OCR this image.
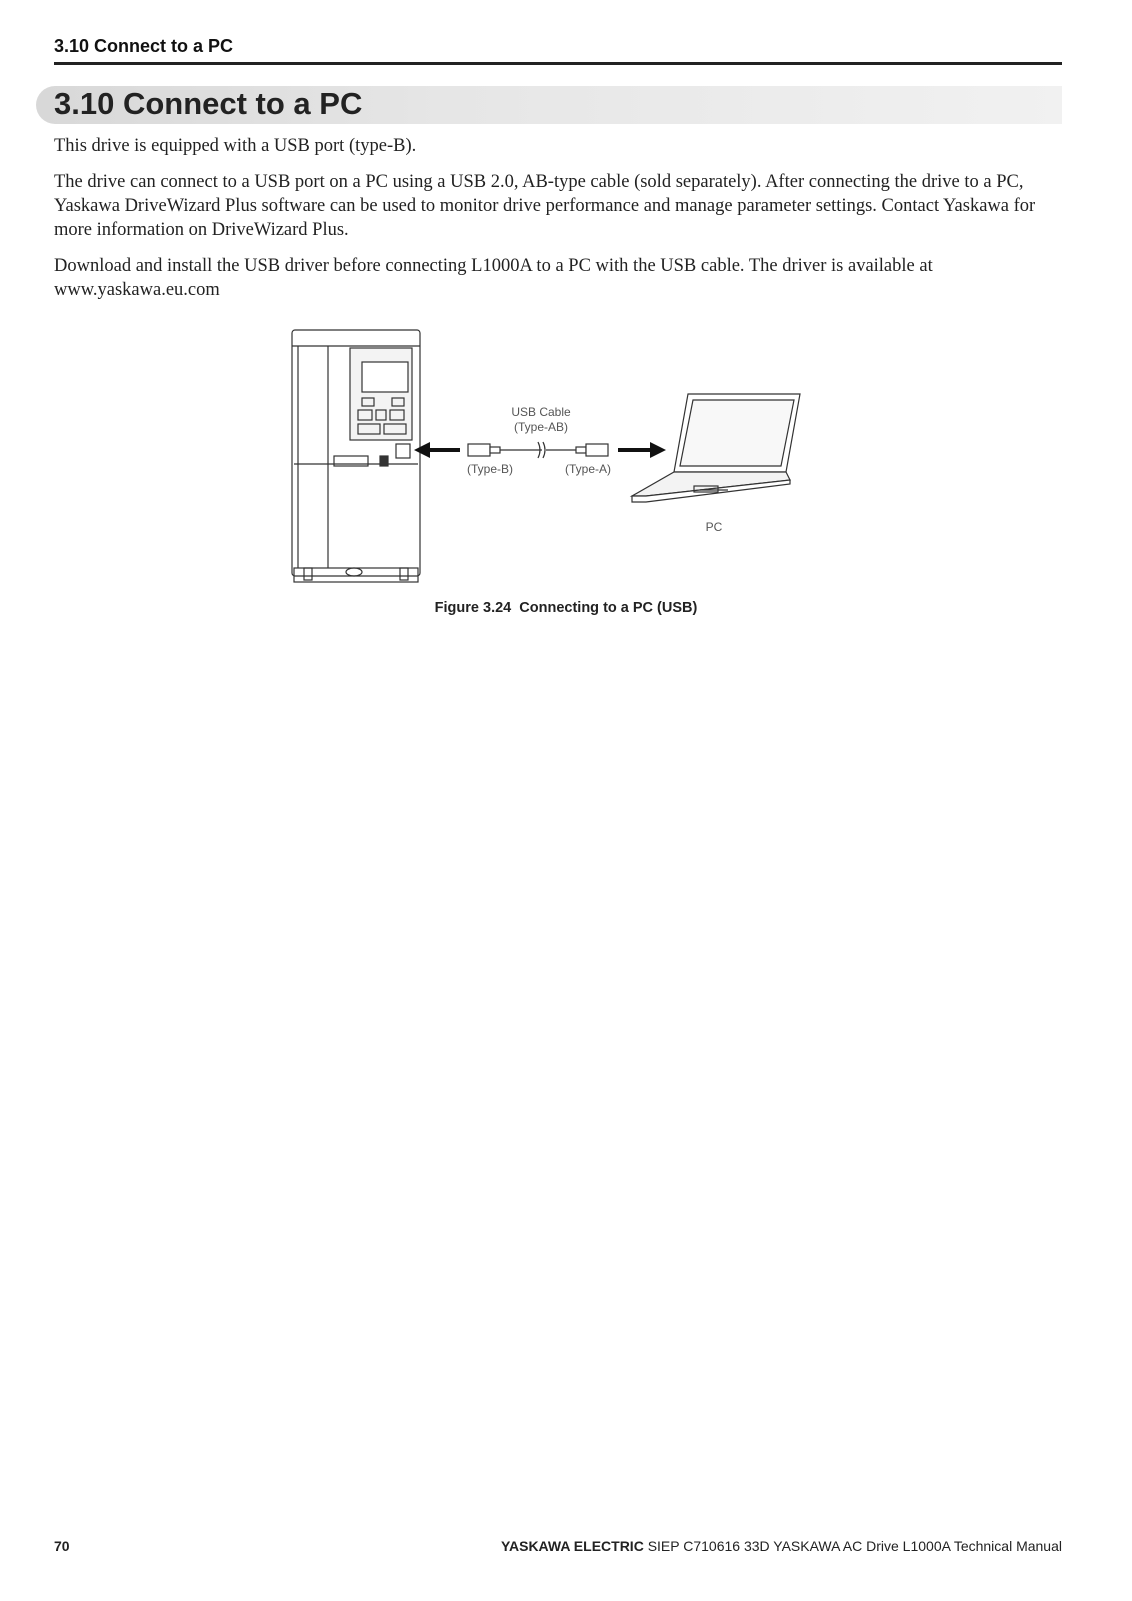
3.10 Connect to a PC
3.10 Connect to a PC

This drive is equipped with a USB port (type-B).

The drive can connect to a USB port on a PC using a USB 2.0, AB-type cable (sold separately). After connecting the drive to a PC, Yaskawa DriveWizard Plus software can be used to monitor drive performance and manage parameter settings. Contact Yaskawa for more information on DriveWizard Plus.

Download and install the USB driver before connecting L1000A to a PC with the USB cable. The driver is available at www.yaskawa.eu.com

USB Cable
(Type-AB)
(Type-B)	(Type-A)
PC
Figure 3.24 Connecting to a PC (USB)
70	YASKAWA ELECTRIC SIEP C710616 33D YASKAWA AC Drive L1000A Technical Manual
